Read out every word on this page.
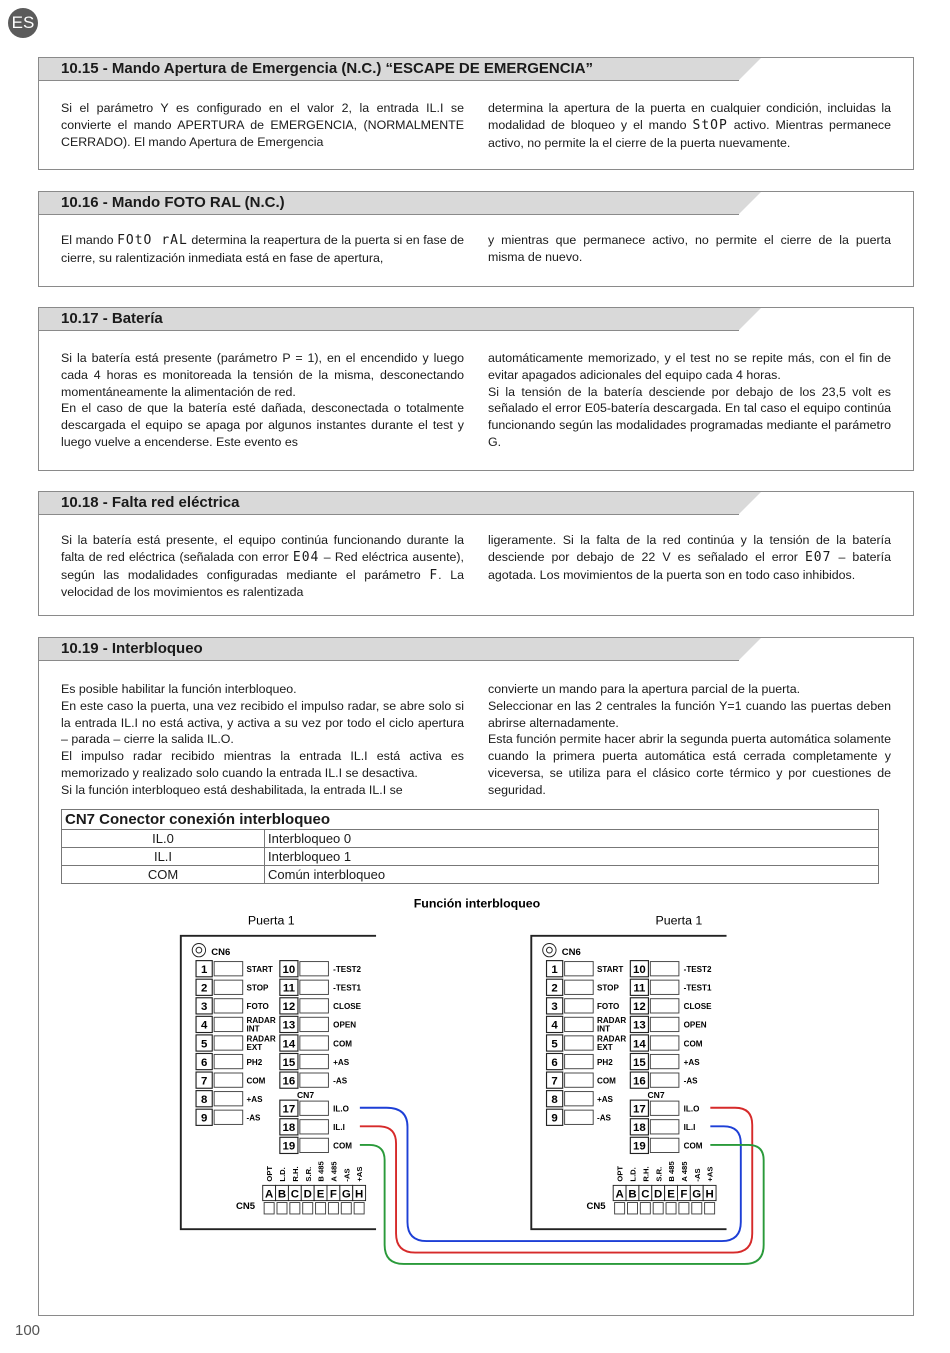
ES
10.15 - Mando Apertura de Emergencia (N.C.) “ESCAPE DE EMERGENCIA”
Si el parámetro Y es configurado en el valor 2, la entrada IL.I se convierte el mando APERTURA de EMERGENCIA, (NORMALMENTE CERRADO). El mando Apertura de Emergencia
determina la apertura de la puerta en cualquier condición, incluidas la modalidad de bloqueo y el mando StOP activo. Mientras permanece activo, no permite la el cierre de la puerta nuevamente.
10.16 - Mando FOTO RAL (N.C.)
El mando FOtO rAL determina la reapertura de la puerta si en fase de cierre, su ralentización inmediata está en fase de apertura,
y mientras que permanece activo, no permite el cierre de la puerta misma de nuevo.
10.17 - Batería
Si la batería está presente (parámetro P = 1), en el encendido y luego cada 4 horas es monitoreada la tensión de la misma, desconectando momentáneamente la alimentación de red.
En el caso de que la batería esté dañada, desconectada o totalmente descargada el equipo se apaga por algunos instantes durante el test y luego vuelve a encenderse. Este evento es
automáticamente memorizado, y el test no se repite más, con el fin de evitar apagados adicionales del equipo cada 4 horas.
Si la tensión de la batería desciende por debajo de los 23,5 volt es señalado el error E05-batería descargada. En tal caso el equipo continúa funcionando según las modalidades programadas mediante el parámetro G.
10.18 - Falta red eléctrica
Si la batería está presente, el equipo continúa funcionando durante la falta de red eléctrica (señalada con error E04 – Red eléctrica ausente), según las modalidades configuradas mediante el parámetro F. La velocidad de los movimientos es ralentizada
ligeramente. Si la falta de la red continúa y la tensión de la batería desciende por debajo de 22 V es señalado el error E07 – batería agotada. Los movimientos de la puerta son en todo caso inhibidos.
10.19 - Interbloqueo
Es posible habilitar la función interbloqueo.
En este caso la puerta, una vez recibido el impulso radar, se abre solo si la entrada IL.I no está activa, y activa a su vez por todo el ciclo apertura – parada – cierre la salida IL.O.
El impulso radar recibido mientras la entrada IL.I está activa es memorizado y realizado solo cuando la entrada IL.I se desactiva.
Si la función interbloqueo está deshabilitada, la entrada IL.I se
convierte un mando para la apertura parcial de la puerta.
Seleccionar en las 2 centrales la función Y=1 cuando las puertas deben abrirse alternadamente.
Esta función permite hacer abrir la segunda puerta automática solamente cuando la primera puerta automática está cerrada completamente y viceversa, se utiliza para el clásico corte térmico y por cuestiones de seguridad.
CN7 Conector conexión interbloqueo	
IL.0	Interbloqueo 0
IL.I	Interbloqueo 1
COM	Común interbloqueo
Función interbloqueo
Puerta 1	Puerta 1
CN6
1	START
2	STOP
3	FOTO
4	RADAR
INT
5	RADAR
EXT
6	PH2
7	COM
8	+AS
9	-AS
10	-TEST2
11	-TEST1
12	CLOSE
13	OPEN
14	COM
15	+AS
16	-AS
CN7
17	IL.O
18	IL.I
19	COM
OPT L.D. R.H. S.R. B 485 A 485 -AS +AS
A B C D E F G H
CN5
CN6
1	START
2	STOP
3	FOTO
4	RADAR
INT
5	RADAR
EXT
6	PH2
7	COM
8	+AS
9	-AS
10	-TEST2
11	-TEST1
12	CLOSE
13	OPEN
14	COM
15	+AS
16	-AS
CN7
17	IL.O
18	IL.I
19	COM
OPT L.D. R.H. S.R. B 485 A 485 -AS +AS
A B C D E F G H
CN5
100
